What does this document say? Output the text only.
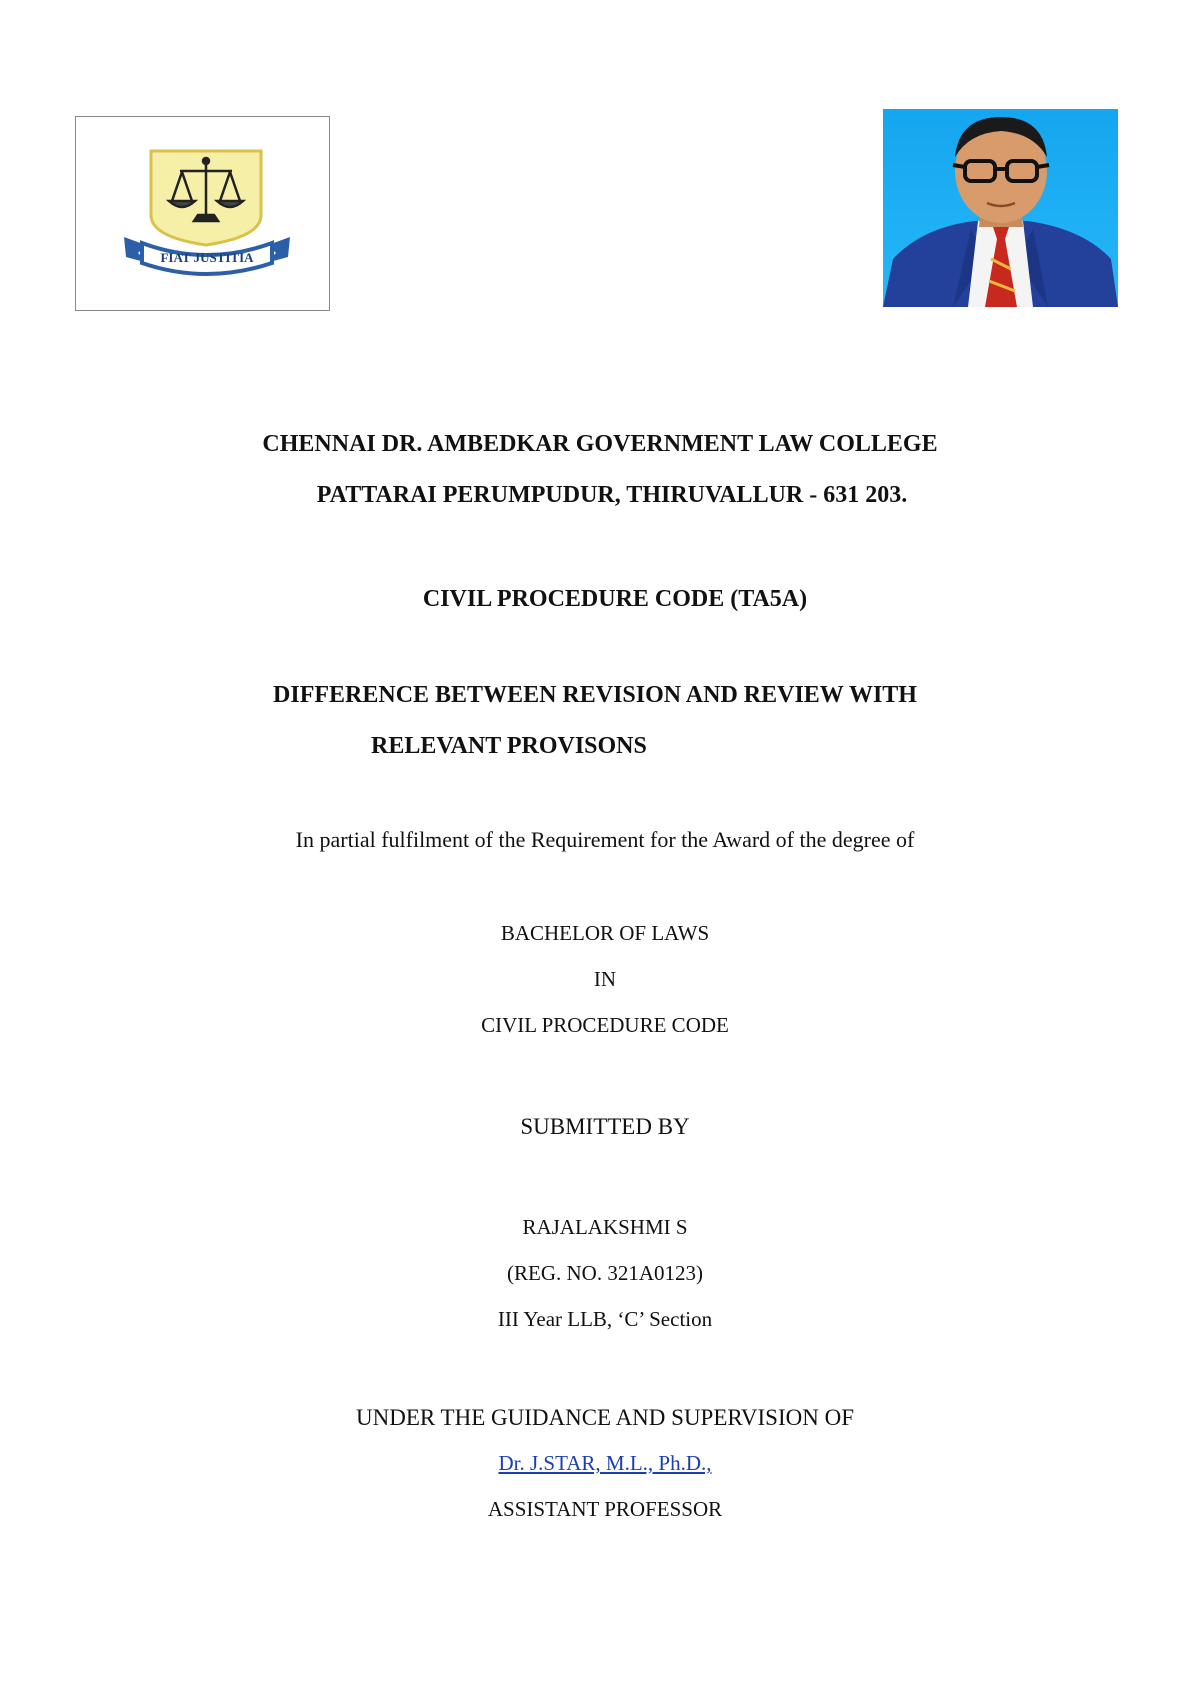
FIAT JUSTITIA
CHENNAI DR. AMBEDKAR GOVERNMENT LAW COLLEGE
PATTARAI PERUMPUDUR, THIRUVALLUR - 631 203.
CIVIL PROCEDURE CODE (TA5A)
DIFFERENCE BETWEEN REVISION AND REVIEW WITH
RELEVANT PROVISONS
In partial fulfilment of the Requirement for the Award of the degree of
BACHELOR OF LAWS
IN
CIVIL PROCEDURE CODE
SUBMITTED BY
RAJALAKSHMI S
(REG. NO. 321A0123)
III Year LLB, ‘C’ Section
UNDER THE GUIDANCE AND SUPERVISION OF
Dr. J.STAR, M.L., Ph.D.,
ASSISTANT PROFESSOR
